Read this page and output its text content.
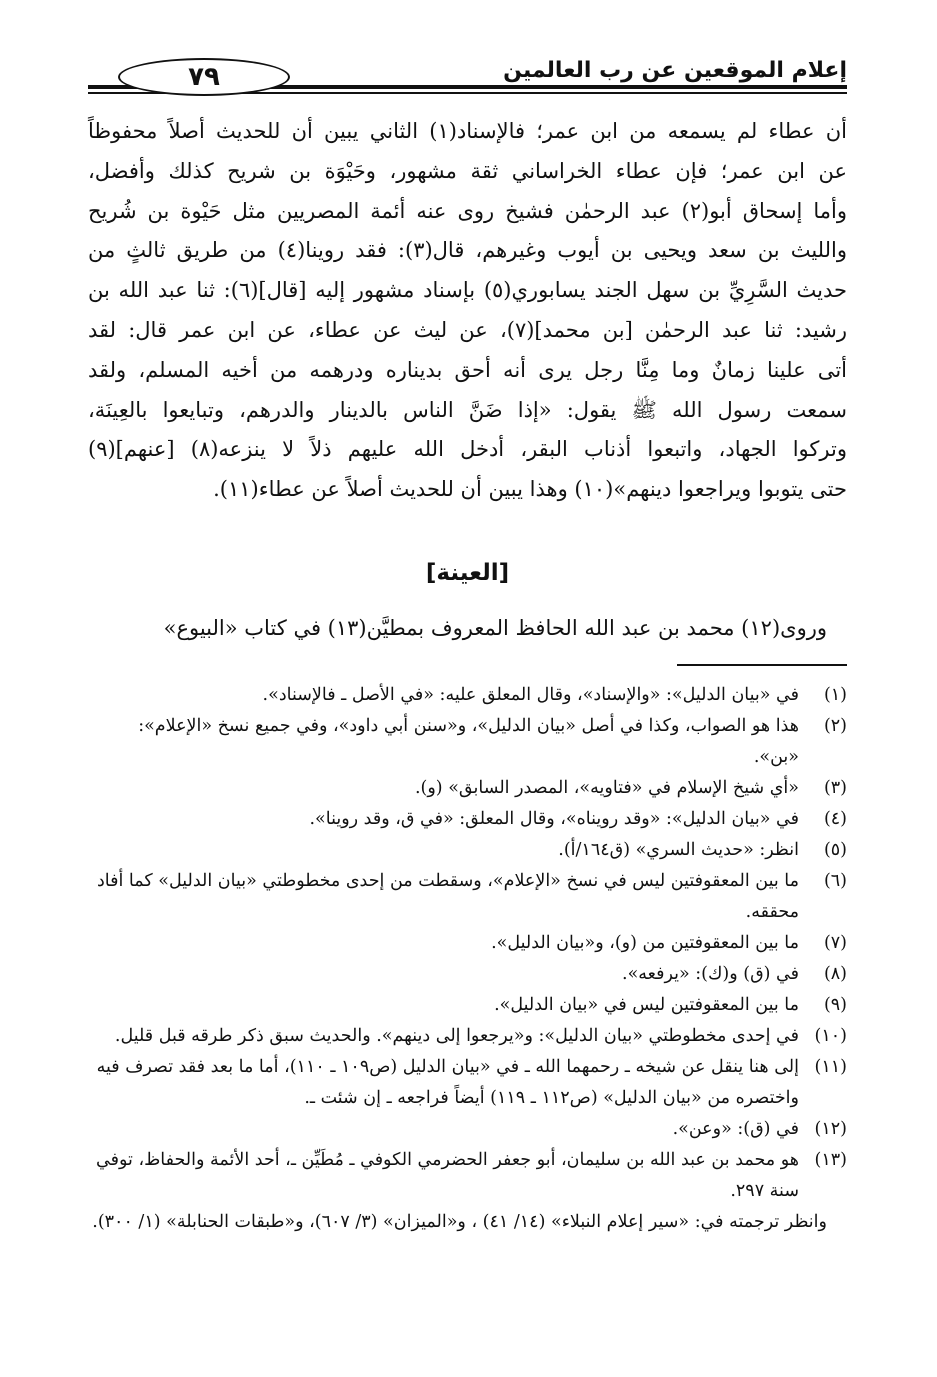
إعلام الموقعين عن رب العالمين
٧٩
أن عطاء لم يسمعه من ابن عمر؛ فالإسناد(١) الثاني يبين أن للحديث أصلاً محفوظاً
عن ابن عمر؛ فإن عطاء الخراساني ثقة مشهور، وحَيْوَة بن شريح كذلك وأفضل،
وأما إسحاق أبو(٢) عبد الرحمٰن فشيخ روى عنه أئمة المصريين مثل حَيْوة بن شُريح
والليث بن سعد ويحيى بن أيوب وغيرهم، قال(٣): فقد روينا(٤) من طريق ثالثٍ من
حديث السَّرِيِّ بن سهل الجند يسابوري(٥) بإسناد مشهور إليه [قال](٦): ثنا عبد الله بن
رشيد: ثنا عبد الرحمٰن [بن محمد](٧)، عن ليث عن عطاء، عن ابن عمر قال: لقد
أتى علينا زمانٌ وما مِنَّا رجل يرى أنه أحق بديناره ودرهمه من أخيه المسلم، ولقد
سمعت رسول الله ﷺ يقول: «إذا ضَنَّ الناس بالدينار والدرهم، وتبايعوا بالعِينَة،
وتركوا الجهاد، واتبعوا أذناب البقر، أدخل الله عليهم ذلاً لا ينزعه(٨) [عنهم](٩)
حتى يتوبوا ويراجعوا دينهم»(١٠) وهذا يبين أن للحديث أصلاً عن عطاء(١١).
[العينة]
وروى(١٢) محمد بن عبد الله الحافظ المعروف بمطيَّن(١٣) في كتاب «البيوع»
(١)
في «بيان الدليل»: «والإسناد»، وقال المعلق عليه: «في الأصل ـ فالإسناد».
(٢)
هذا هو الصواب، وكذا في أصل «بيان الدليل»، و«سنن أبي داود»، وفي جميع نسخ «الإعلام»: «بن».
(٣)
«أي شيخ الإسلام في «فتاويه»، المصدر السابق» (و).
(٤)
في «بيان الدليل»: «وقد رويناه»، وقال المعلق: «في ق، وقد روينا».
(٥)
انظر: «حديث السري» (ق١٦٤/أ).
(٦)
ما بين المعقوفتين ليس في نسخ «الإعلام»، وسقطت من إحدى مخطوطتي «بيان الدليل» كما أفاد محققه.
(٧)
ما بين المعقوفتين من (و)، و«بيان الدليل».
(٨)
في (ق) و(ك): «يرفعه».
(٩)
ما بين المعقوفتين ليس في «بيان الدليل».
(١٠)
في إحدى مخطوطتي «بيان الدليل»: و«يرجعوا إلى دينهم». والحديث سبق ذكر طرقه قبل قليل.
(١١)
إلى هنا ينقل عن شيخه ـ رحمهما الله ـ في «بيان الدليل (ص١٠٩ ـ ١١٠)، أما ما بعد فقد تصرف فيه واختصره من «بيان الدليل» (ص١١٢ ـ ١١٩) أيضاً فراجعه ـ إن شئت ـ.
(١٢)
في (ق): «وعن».
(١٣)
هو محمد بن عبد الله بن سليمان، أبو جعفر الحضرمي الكوفي ـ مُطَيِّن ـ، أحد الأئمة والحفاظ، توفي سنة ٢٩٧.
وانظر ترجمته في: «سير إعلام النبلاء» (١٤/ ٤١) ، و«الميزان» (٣/ ٦٠٧)، و«طبقات الحنابلة» (١/ ٣٠٠).
